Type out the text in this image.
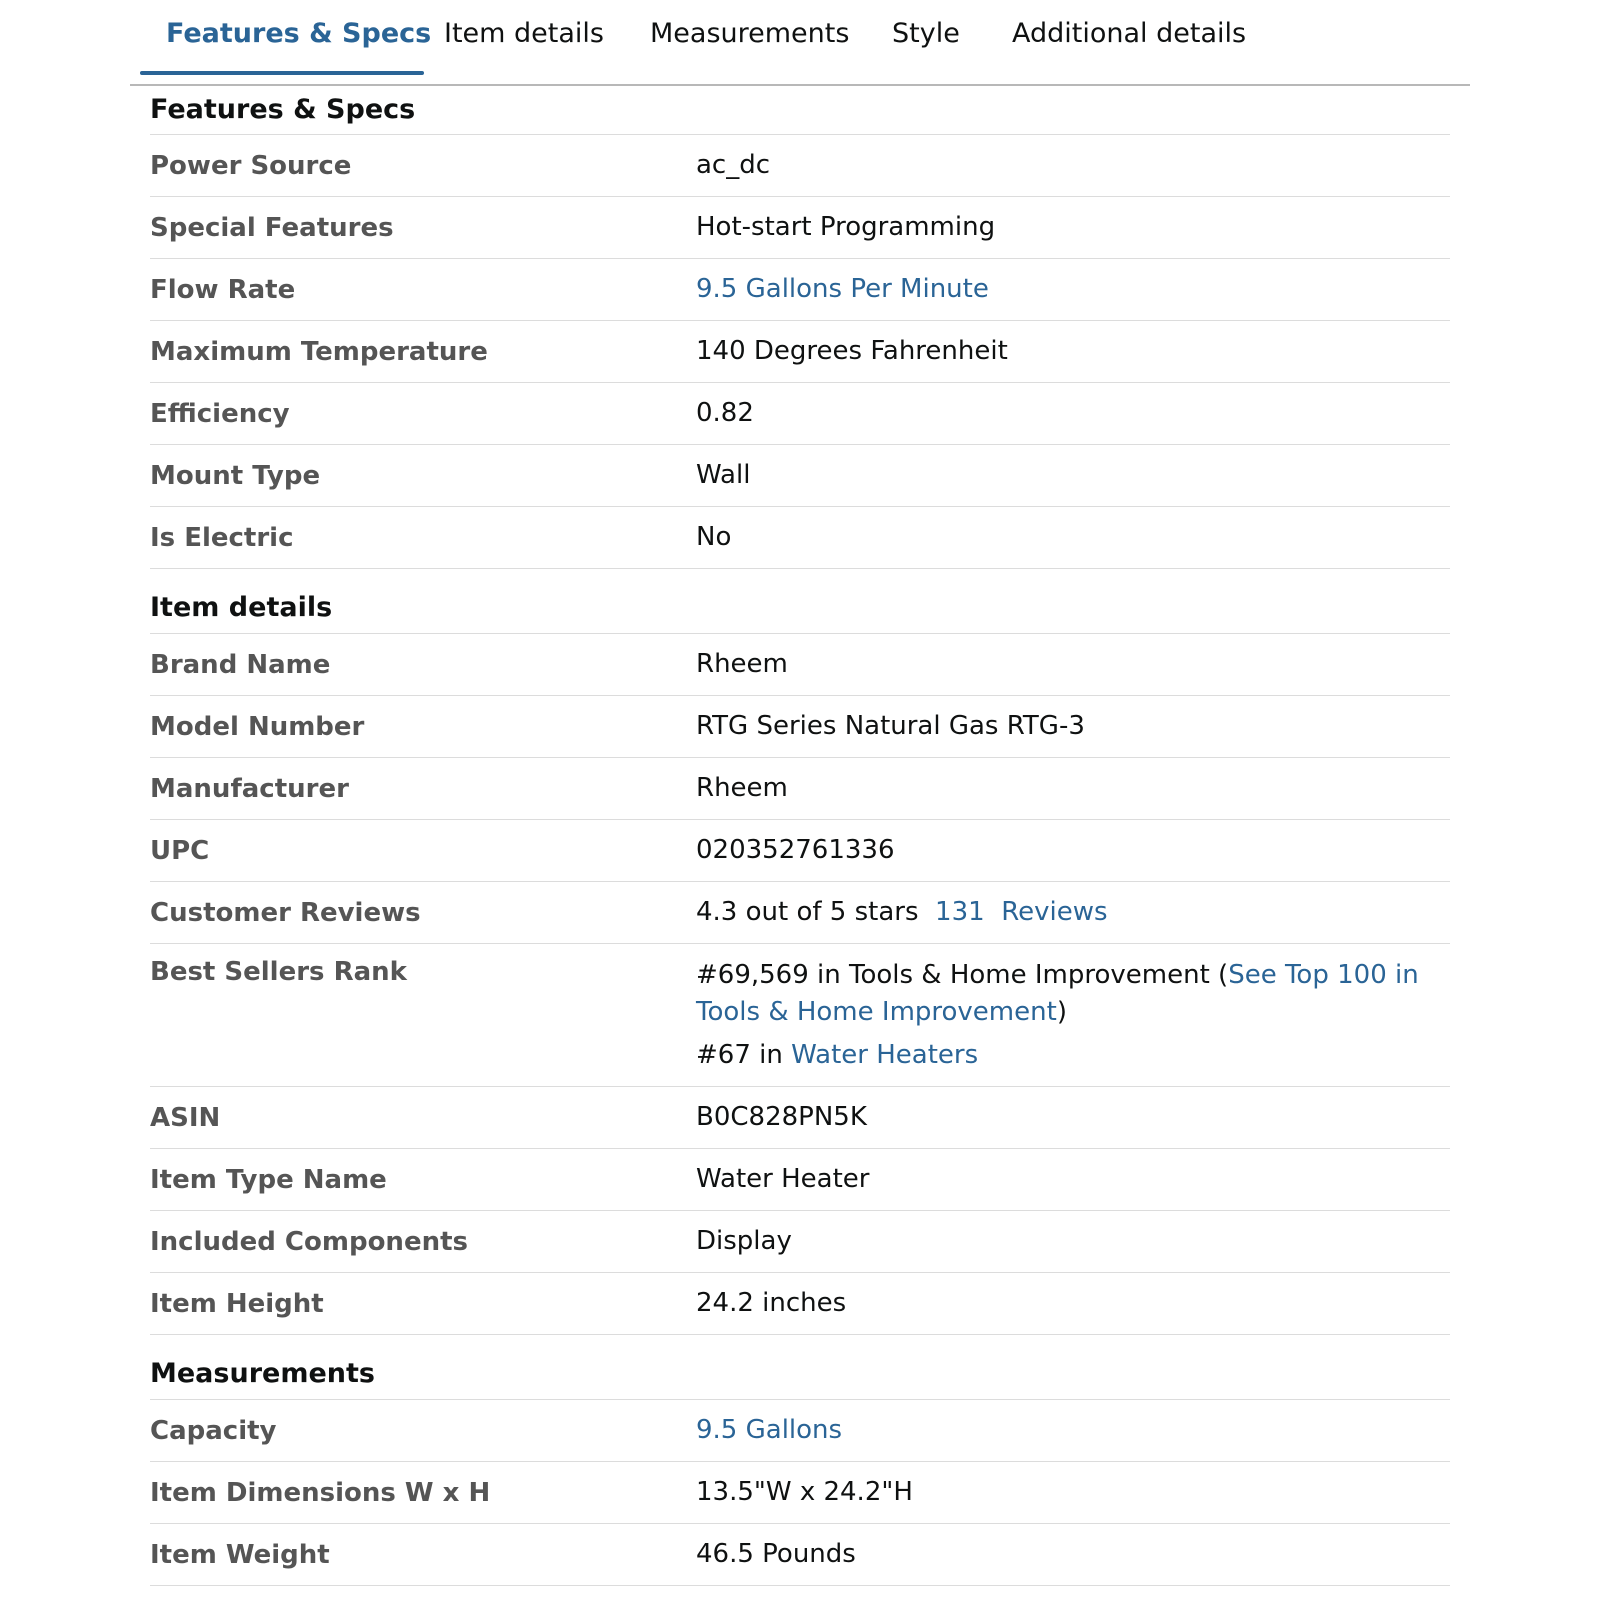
Features & Specs Item details Measurements Style Additional details
Features & Specs
Power Source	ac_dc
Special Features	Hot-start Programming
Flow Rate	9.5 Gallons Per Minute
Maximum Temperature	140 Degrees Fahrenheit
Efficiency	0.82
Mount Type	Wall
Is Electric	No
Item details
Brand Name	Rheem
Model Number	RTG Series Natural Gas RTG-3
Manufacturer	Rheem
UPC	020352761336
Customer Reviews	4.3 out of 5 stars 131 Reviews
Best Sellers Rank	#69,569 in Tools & Home Improvement (See Top 100 in Tools & Home Improvement)
#67 in Water Heaters
ASIN	B0C828PN5K
Item Type Name	Water Heater
Included Components	Display
Item Height	24.2 inches
Measurements
Capacity	9.5 Gallons
Item Dimensions W x H	13.5"W x 24.2"H
Item Weight	46.5 Pounds
